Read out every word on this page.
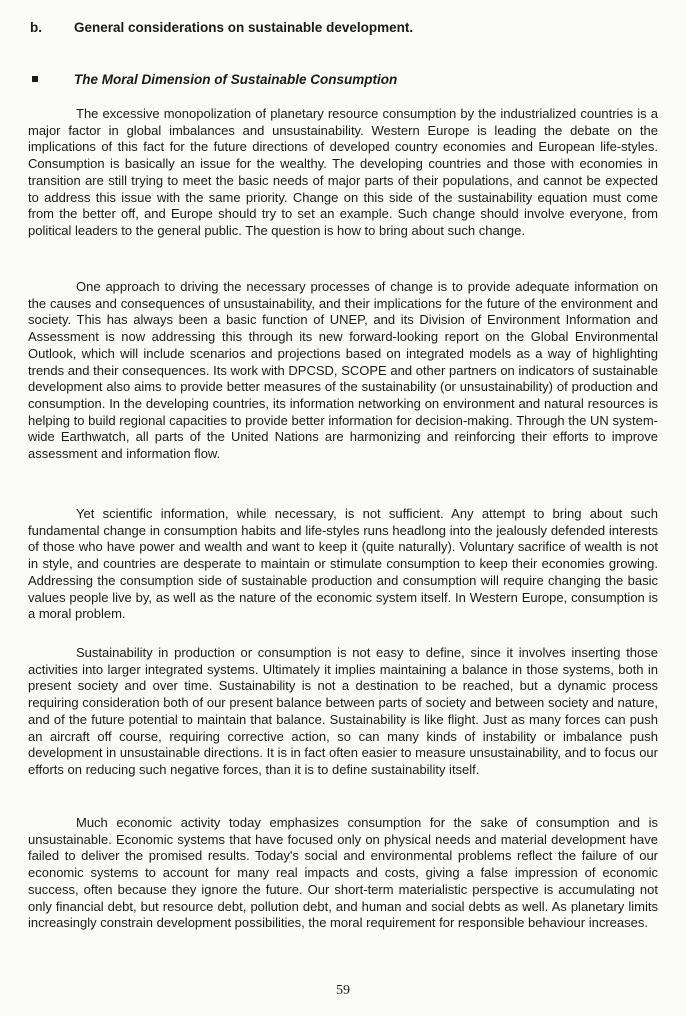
b. General considerations on sustainable development.
The Moral Dimension of Sustainable Consumption

The excessive monopolization of planetary resource consumption by the industrialized countries is a major factor in global imbalances and unsustainability. Western Europe is leading the debate on the implications of this fact for the future directions of developed country economies and European life-styles. Consumption is basically an issue for the wealthy. The developing countries and those with economies in transition are still trying to meet the basic needs of major parts of their populations, and cannot be expected to address this issue with the same priority. Change on this side of the sustainability equation must come from the better off, and Europe should try to set an example. Such change should involve everyone, from political leaders to the general public. The question is how to bring about such change.

One approach to driving the necessary processes of change is to provide adequate information on the causes and consequences of unsustainability, and their implications for the future of the environment and society. This has always been a basic function of UNEP, and its Division of Environment Information and Assessment is now addressing this through its new forward-looking report on the Global Environmental Outlook, which will include scenarios and projections based on integrated models as a way of highlighting trends and their consequences. Its work with DPCSD, SCOPE and other partners on indicators of sustainable development also aims to provide better measures of the sustainability (or unsustainability) of production and consumption. In the developing countries, its information networking on environment and natural resources is helping to build regional capacities to provide better information for decision-making. Through the UN system-wide Earthwatch, all parts of the United Nations are harmonizing and reinforcing their efforts to improve assessment and information flow.

Yet scientific information, while necessary, is not sufficient. Any attempt to bring about such fundamental change in consumption habits and life-styles runs headlong into the jealously defended interests of those who have power and wealth and want to keep it (quite naturally). Voluntary sacrifice of wealth is not in style, and countries are desperate to maintain or stimulate consumption to keep their economies growing. Addressing the consumption side of sustainable production and consumption will require changing the basic values people live by, as well as the nature of the economic system itself. In Western Europe, consumption is a moral problem.

Sustainability in production or consumption is not easy to define, since it involves inserting those activities into larger integrated systems. Ultimately it implies maintaining a balance in those systems, both in present society and over time. Sustainability is not a destination to be reached, but a dynamic process requiring consideration both of our present balance between parts of society and between society and nature, and of the future potential to maintain that balance. Sustainability is like flight. Just as many forces can push an aircraft off course, requiring corrective action, so can many kinds of instability or imbalance push development in unsustainable directions. It is in fact often easier to measure unsustainability, and to focus our efforts on reducing such negative forces, than it is to define sustainability itself.

Much economic activity today emphasizes consumption for the sake of consumption and is unsustainable. Economic systems that have focused only on physical needs and material development have failed to deliver the promised results. Today's social and environmental problems reflect the failure of our economic systems to account for many real impacts and costs, giving a false impression of economic success, often because they ignore the future. Our short-term materialistic perspective is accumulating not only financial debt, but resource debt, pollution debt, and human and social debts as well. As planetary limits increasingly constrain development possibilities, the moral requirement for responsible behaviour increases.

59
